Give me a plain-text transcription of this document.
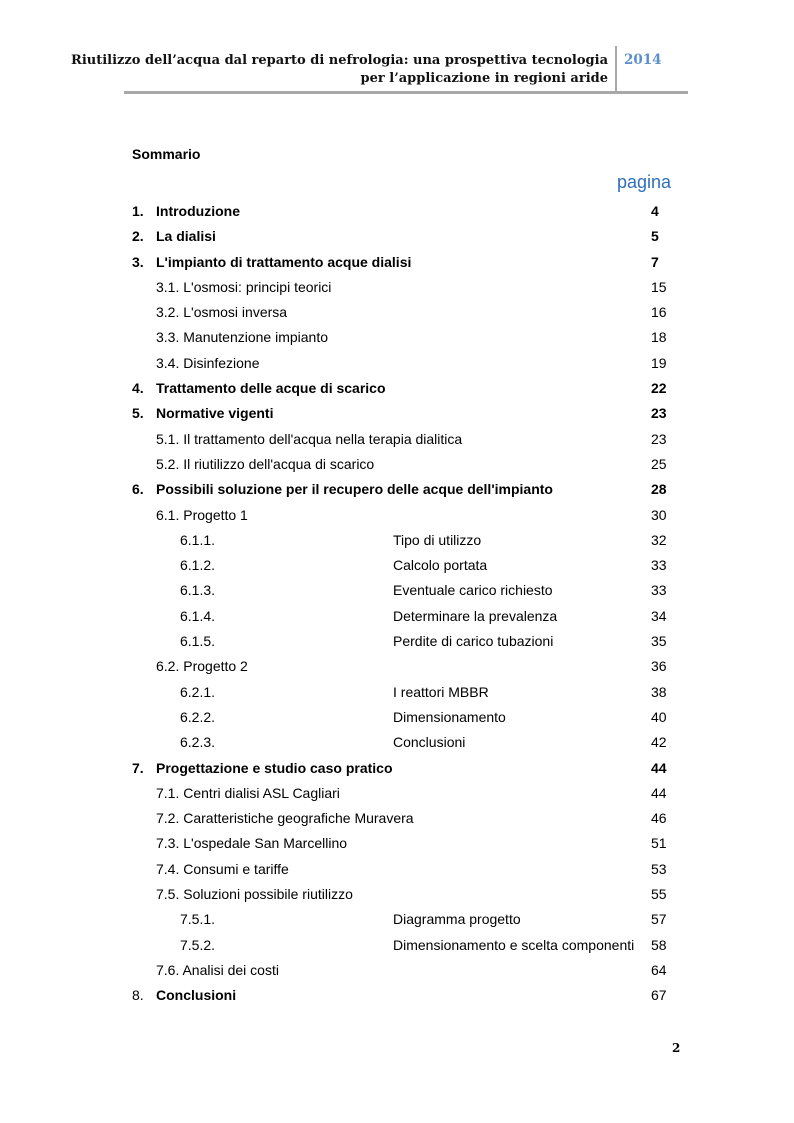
Riutilizzo dell’acqua dal reparto di nefrologia: una prospettiva tecnologia
per l’applicazione in regioni aride
2014
Sommario
pagina
1. Introduzione	4
2. La dialisi	5
3. L'impianto di trattamento acque dialisi	7
3.1. L'osmosi: principi teorici	15
3.2. L'osmosi inversa	16
3.3. Manutenzione impianto	18
3.4. Disinfezione	19
4. Trattamento delle acque di scarico	22
5. Normative vigenti	23
5.1. Il trattamento dell'acqua nella terapia dialitica	23
5.2. Il riutilizzo dell'acqua di scarico	25
6. Possibili soluzione per il recupero delle acque dell'impianto	28
6.1. Progetto 1	30
6.1.1.	Tipo di utilizzo	32
6.1.2.	Calcolo portata	33
6.1.3.	Eventuale carico richiesto	33
6.1.4.	Determinare la prevalenza	34
6.1.5.	Perdite di carico tubazioni	35
6.2. Progetto 2	36
6.2.1.	I reattori MBBR	38
6.2.2.	Dimensionamento	40
6.2.3.	Conclusioni	42
7. Progettazione e studio caso pratico	44
7.1. Centri dialisi ASL Cagliari	44
7.2. Caratteristiche geografiche Muravera	46
7.3. L'ospedale San Marcellino	51
7.4. Consumi e tariffe	53
7.5. Soluzioni possibile riutilizzo	55
7.5.1.	Diagramma progetto	57
7.5.2.	Dimensionamento e scelta componenti 58
7.6. Analisi dei costi	64
8. Conclusioni	67
2
